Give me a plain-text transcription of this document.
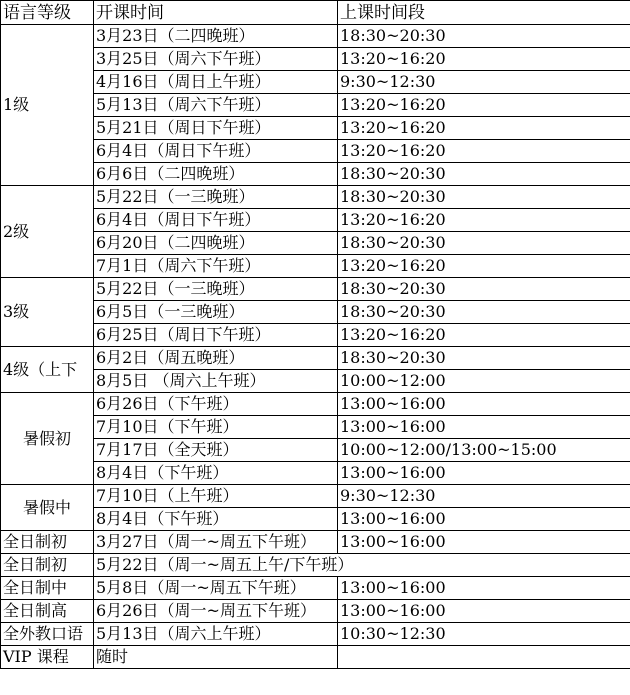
语言等级	开课时间	上课时间段
1级	3月23日（二四晚班）	18:30~20:30
	3月25日（周六下午班）	13:20~16:20
	4月16日（周日上午班）	9:30~12:30
	5月13日（周六下午班）	13:20~16:20
	5月21日（周日下午班）	13:20~16:20
	6月4日（周日下午班）	13:20~16:20
	6月6日（二四晚班）	18:30~20:30
2级	5月22日（一三晚班）	18:30~20:30
	6月4日（周日下午班）	13:20~16:20
	6月20日（二四晚班）	18:30~20:30
	7月1日（周六下午班）	13:20~16:20
3级	5月22日（一三晚班）	18:30~20:30
	6月5日（一三晚班）	18:30~20:30
	6月25日（周日下午班）	13:20~16:20
4级（上下	6月2日（周五晚班）	18:30~20:30
	8月5日 （周六上午班）	10:00~12:00
暑假初	6月26日（下午班）	13:00~16:00
	7月10日（下午班）	13:00~16:00
	7月17日（全天班）	10:00~12:00/13:00~15:00
	8月4日（下午班）	13:00~16:00
暑假中	7月10日（上午班）	9:30~12:30
	8月4日（下午班）	13:00~16:00
全日制初	3月27日（周一~周五下午班）	13:00~16:00
全日制初	5月22日（周一~周五上午/下午班）	
全日制中	5月8日（周一~周五下午班）	13:00~16:00
全日制高	6月26日（周一~周五下午班）	13:00~16:00
全外教口语	5月13日（周六上午班）	10:30~12:30
VIP 课程	随时	
